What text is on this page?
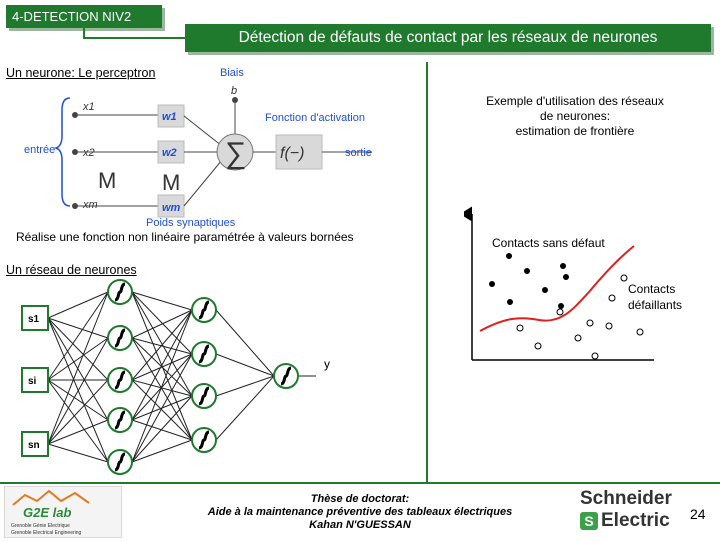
4-DETECTION NIV2
Détection de défauts de contact par les réseaux de neurones
Un neurone: Le perceptron
entrée
x1
x2
xm
M
w1
w2
wm
M
Biais
b
∑ f(−)
Fonction d'activation
sortie
Poids synaptiques
Réalise une fonction non linéaire paramétrée à valeurs bornées
Un réseau de neurones
s1
si
sn
y
Exemple d'utilisation des réseaux
de neurones:
estimation de frontière
Contacts sans défaut
Contacts
défaillants
G2E lab
Grenoble Génie Electrique
Grenoble Electrical Engineering
Thèse de doctorat:
Aide à la maintenance préventive des tableaux électriques
Kahan N'GUESSAN
Schneider
S Electric 24
